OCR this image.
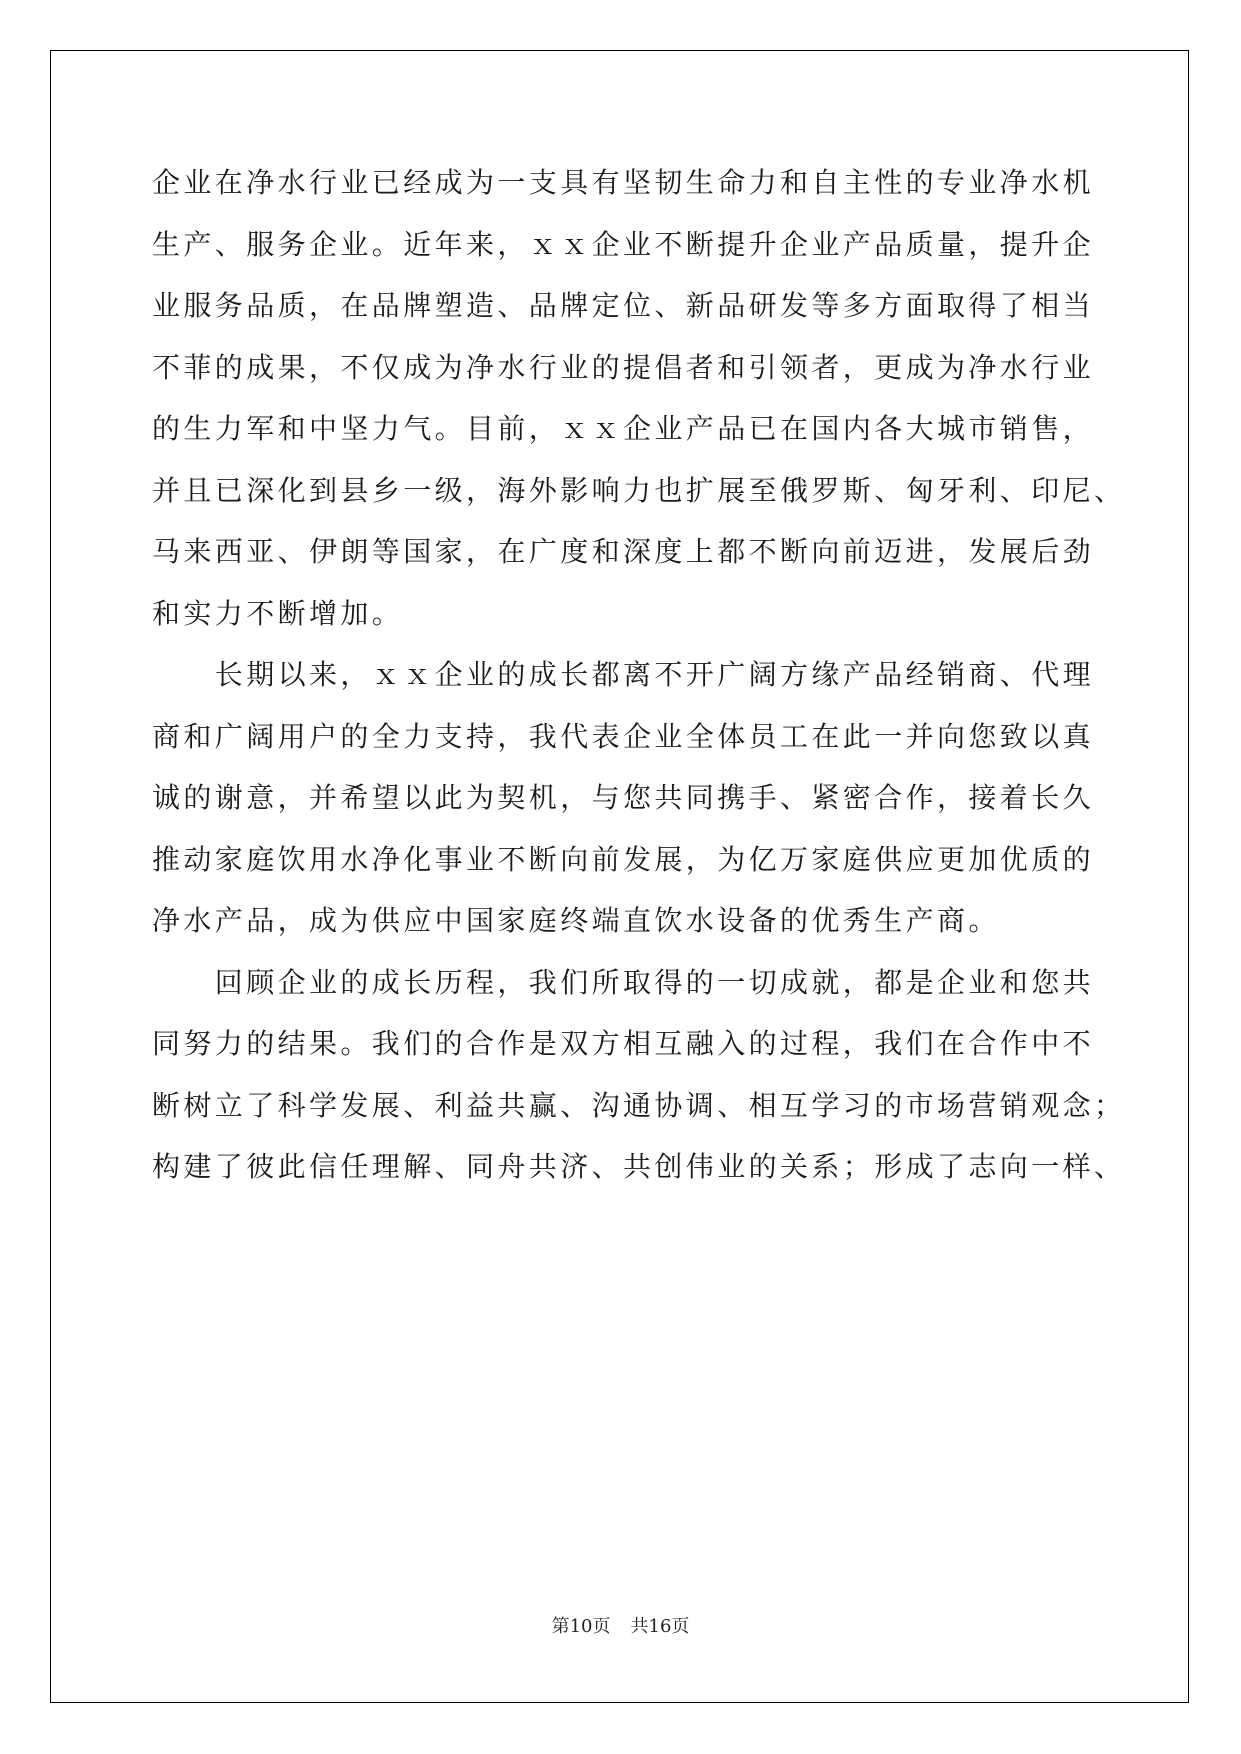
企业在净水行业已经成为一支具有坚韧生命力和自主性的专业净水机
生产、服务企业。近年来，ｘｘ企业不断提升企业产品质量，提升企
业服务品质，在品牌塑造、品牌定位、新品研发等多方面取得了相当
不菲的成果，不仅成为净水行业的提倡者和引领者，更成为净水行业
的生力军和中坚力气。目前，ｘｘ企业产品已在国内各大城市销售，
并且已深化到县乡一级，海外影响力也扩展至俄罗斯、匈牙利、印尼、
马来西亚、伊朗等国家，在广度和深度上都不断向前迈进，发展后劲
和实力不断增加。
　　长期以来，ｘｘ企业的成长都离不开广阔方缘产品经销商、代理
商和广阔用户的全力支持，我代表企业全体员工在此一并向您致以真
诚的谢意，并希望以此为契机，与您共同携手、紧密合作，接着长久
推动家庭饮用水净化事业不断向前发展，为亿万家庭供应更加优质的
净水产品，成为供应中国家庭终端直饮水设备的优秀生产商。
　　回顾企业的成长历程，我们所取得的一切成就，都是企业和您共
同努力的结果。我们的合作是双方相互融入的过程，我们在合作中不
断树立了科学发展、利益共赢、沟通协调、相互学习的市场营销观念；
构建了彼此信任理解、同舟共济、共创伟业的关系；形成了志向一样、
第10页 共16页
